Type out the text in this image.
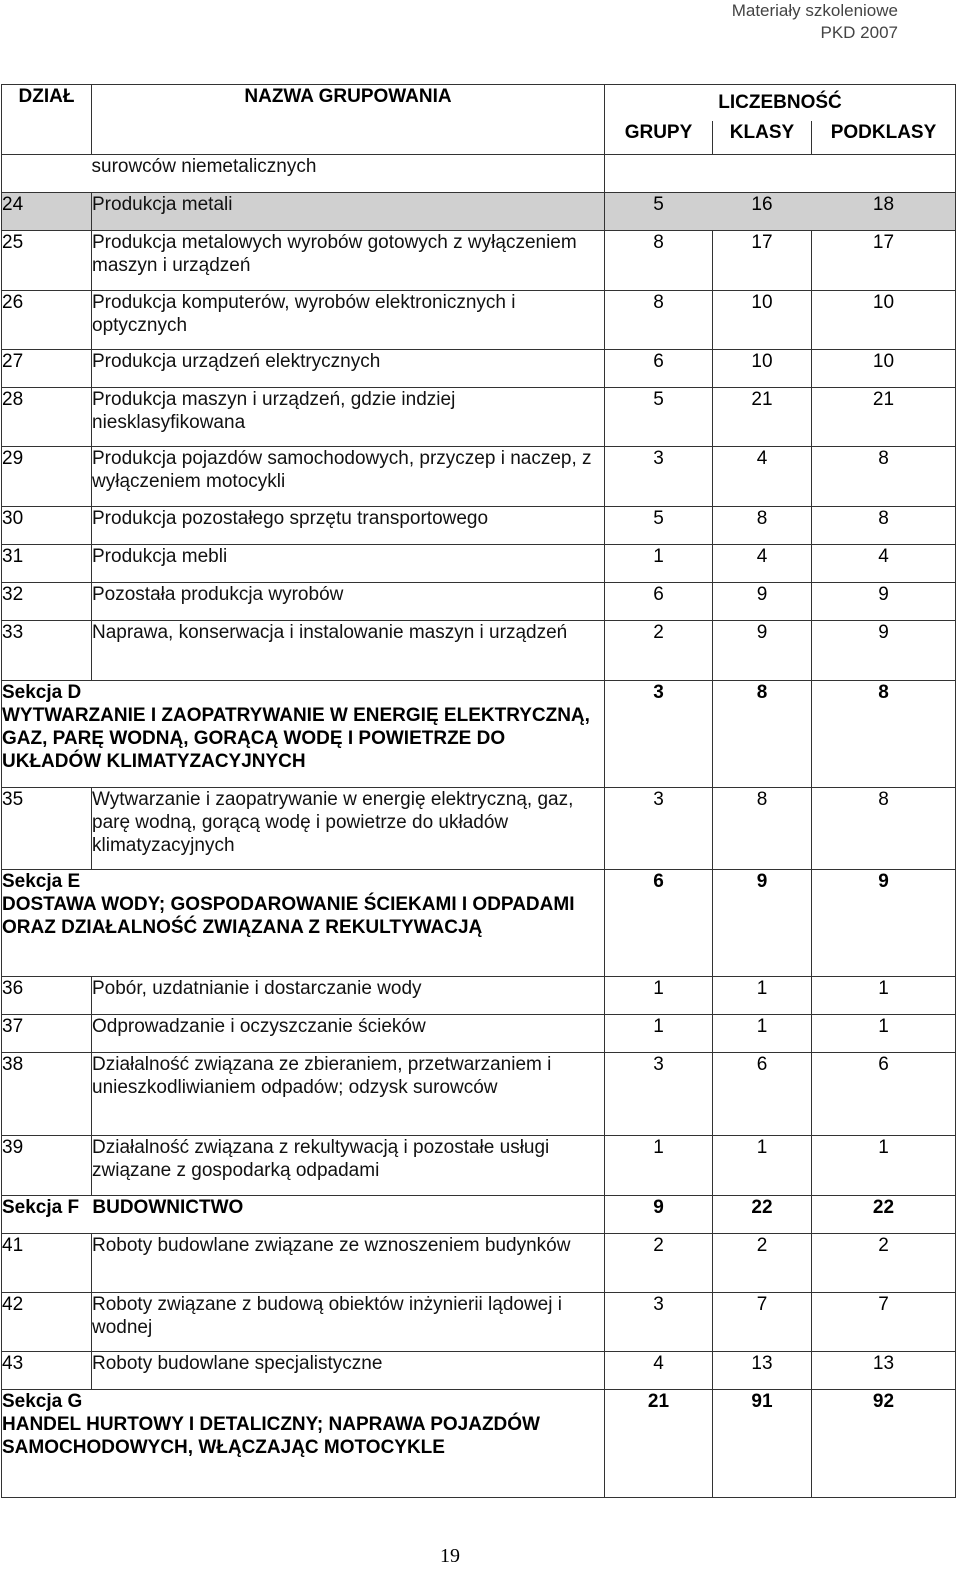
Materiały szkoleniowe
PKD 2007
DZIAŁ	NAZWA GRUPOWANIA	LICZEBNOŚĆ		
		GRUPY	KLASY	PODKLASY
	surowców niemetalicznych			
24	Produkcja metali	5	16	18
25	Produkcja metalowych wyrobów gotowych z wyłączeniem maszyn i urządzeń	8	17	17
26	Produkcja komputerów, wyrobów elektronicznych i optycznych	8	10	10
27	Produkcja urządzeń elektrycznych	6	10	10
28	Produkcja maszyn i urządzeń, gdzie indziej niesklasyfikowana	5	21	21
29	Produkcja pojazdów samochodowych, przyczep i naczep, z wyłączeniem motocykli	3	4	8
30	Produkcja pozostałego sprzętu transportowego	5	8	8
31	Produkcja mebli	1	4	4
32	Pozostała produkcja wyrobów	6	9	9
33	Naprawa, konserwacja i instalowanie maszyn i urządzeń	2	9	9
Sekcja D
WYTWARZANIE I ZAOPATRYWANIE W ENERGIĘ ELEKTRYCZNĄ, GAZ, PARĘ WODNĄ, GORĄCĄ WODĘ I POWIETRZE DO UKŁADÓW KLIMATYZACYJNYCH		3	8	8
35	Wytwarzanie i zaopatrywanie w energię elektryczną, gaz, parę wodną, gorącą wodę i powietrze do układów klimatyzacyjnych	3	8	8
Sekcja E
DOSTAWA WODY; GOSPODAROWANIE ŚCIEKAMI I ODPADAMI ORAZ DZIAŁALNOŚĆ ZWIĄZANA Z REKULTYWACJĄ		6	9	9
36	Pobór, uzdatnianie i dostarczanie wody	1	1	1
37	Odprowadzanie i oczyszczanie ścieków	1	1	1
38	Działalność związana ze zbieraniem, przetwarzaniem i unieszkodliwianiem odpadów; odzysk surowców	3	6	6
39	Działalność związana z rekultywacją i pozostałe usługi związane z gospodarką odpadami	1	1	1
Sekcja F BUDOWNICTWO		9	22	22
41	Roboty budowlane związane ze wznoszeniem budynków	2	2	2
42	Roboty związane z budową obiektów inżynierii lądowej i wodnej	3	7	7
43	Roboty budowlane specjalistyczne	4	13	13
Sekcja G
HANDEL HURTOWY I DETALICZNY; NAPRAWA POJAZDÓW SAMOCHODOWYCH, WŁĄCZAJĄC MOTOCYKLE		21	91	92
19
